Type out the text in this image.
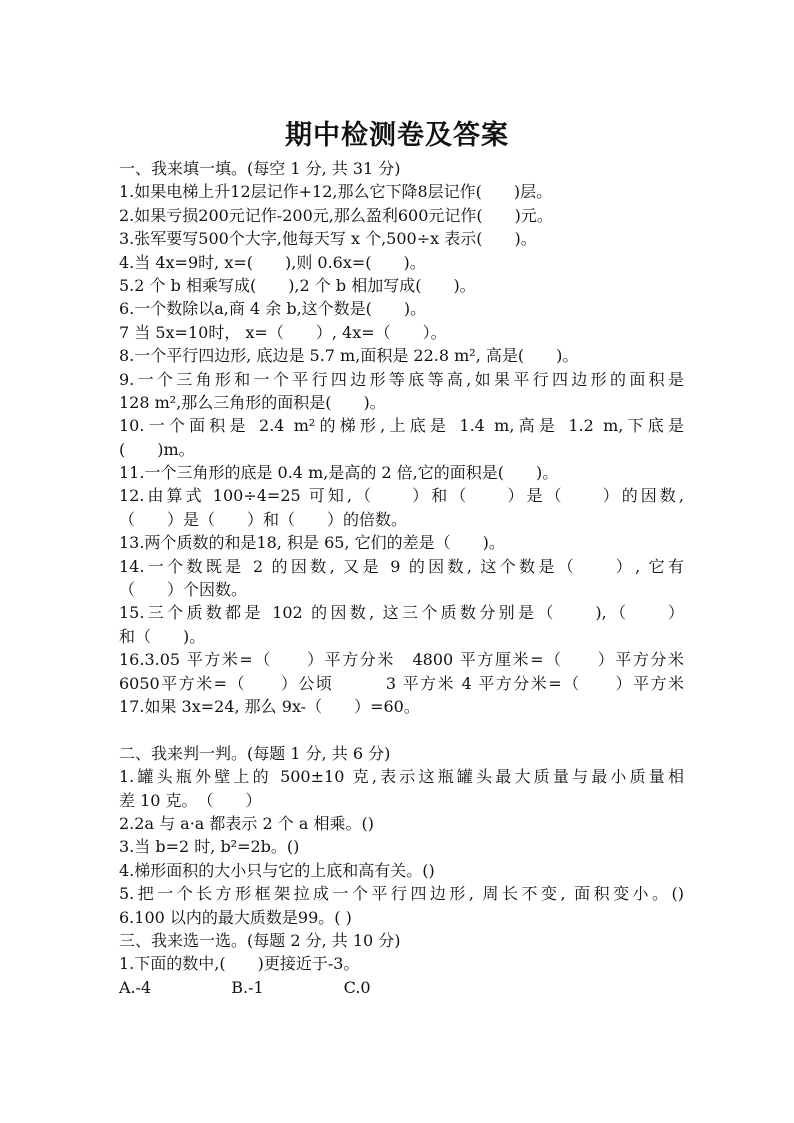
期中检测卷及答案
一、我来填一填。(每空 1 分, 共 31 分)
1.如果电梯上升12层记作+12,那么它下降8层记作(　　)层。
2.如果亏损200元记作-200元,那么盈利600元记作(　　)元。
3.张军要写500个大字,他每天写 x 个,500÷x 表示(　　)。
4.当 4x=9时, x=(　　),则 0.6x=(　　)。
5.2 个 b 相乘写成(　　),2 个 b 相加写成(　　)。
6.一个数除以a,商 4 余 b,这个数是(　　)。
7 当 5x=10时， x=（　　）, 4x=（　　）。
8.一个平行四边形, 底边是 5.7 m,面积是 22.8 m², 高是(　　)。
9.一个三角形和一个平行四边形等底等高,如果平行四边形的面积是
128 m²,那么三角形的面积是(　　)。
10.一个面积是 2.4 m²的梯形,上底是 1.4 m,高是 1.2 m,下底是
(　　)m。
11.一个三角形的底是 0.4 m,是高的 2 倍,它的面积是(　　)。
12.由算式 100÷4=25 可知,（　　）和（　　）是（　　）的因数,
（　　）是（　　）和（　　）的倍数。
13.两个质数的和是18, 积是 65, 它们的差是（　　)。
14.一个数既是 2 的因数, 又是 9 的因数, 这个数是（　　）, 它有
（　　）个因数。
15.三个质数都是 102 的因数, 这三个质数分别是（　　),（　　）
和（　　)。
16.3.05 平方米=（　　）平方分米　4800 平方厘米=（　　）平方分米
6050平方米=（　　）公顷　　　3 平方米 4 平方分米=（　　）平方米
17.如果 3x=24, 那么 9x-（　　）=60。
二、我来判一判。(每题 1 分, 共 6 分)
1.罐头瓶外壁上的 500±10 克,表示这瓶罐头最大质量与最小质量相
差 10 克。　（　　）
2.2a 与 a·a 都表示 2 个 a 相乘。()
3.当 b=2 时, b²=2b。()
4.梯形面积的大小只与它的上底和高有关。()
5.把一个长方形框架拉成一个平行四边形, 周长不变, 面积变小。()
6.100 以内的最大质数是99。( )
三、我来选一选。(每题 2 分, 共 10 分)
1.下面的数中,(　　)更接近于-3。
A.-4　　　　　B.-1　　　　　C.0
